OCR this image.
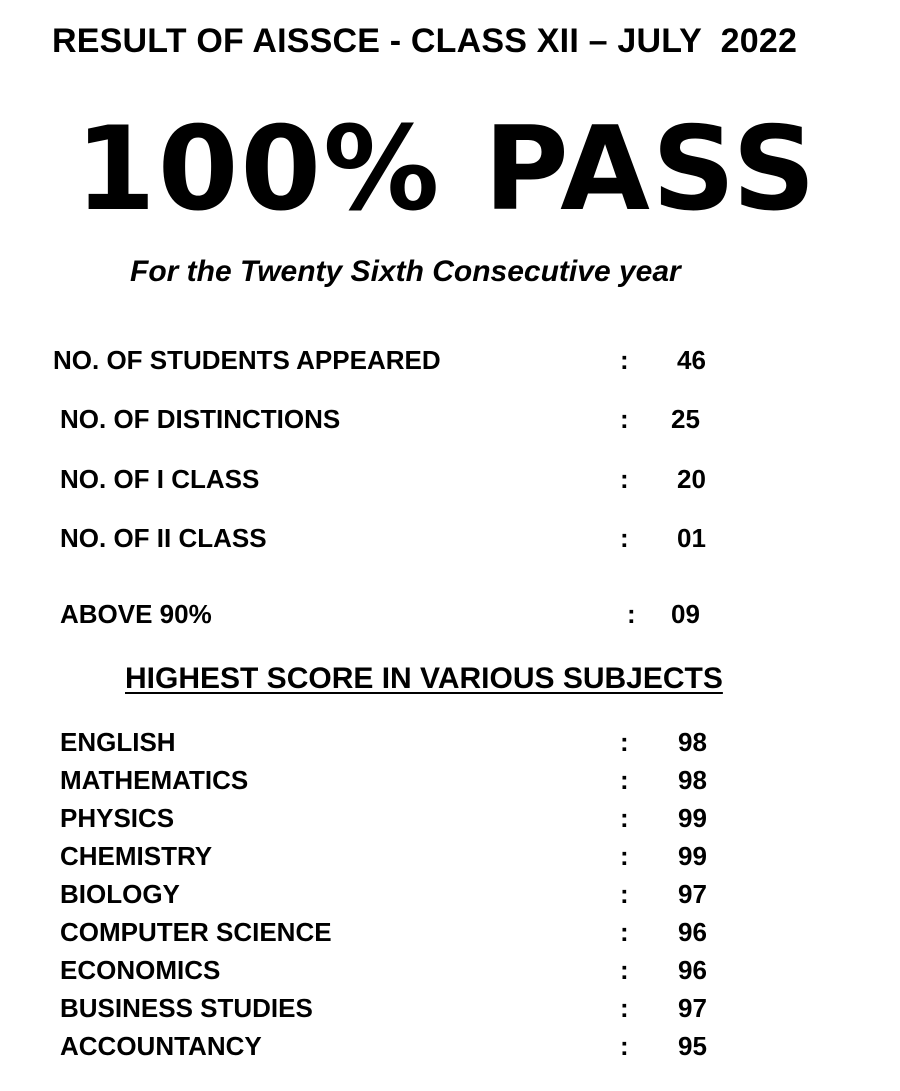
RESULT OF AISSCE - CLASS XII – JULY  2022
100% PASS
For the Twenty Sixth Consecutive year
NO. OF STUDENTS APPEARED	: 46
NO. OF DISTINCTIONS	: 25
NO. OF I CLASS	: 20
NO. OF II CLASS	: 01
ABOVE 90%	: 09
HIGHEST SCORE IN VARIOUS SUBJECTS
ENGLISH	: 98
MATHEMATICS	: 98
PHYSICS	: 99
CHEMISTRY	: 99
BIOLOGY	: 97
COMPUTER SCIENCE	: 96
ECONOMICS	: 96
BUSINESS STUDIES	: 97
ACCOUNTANCY	: 95
